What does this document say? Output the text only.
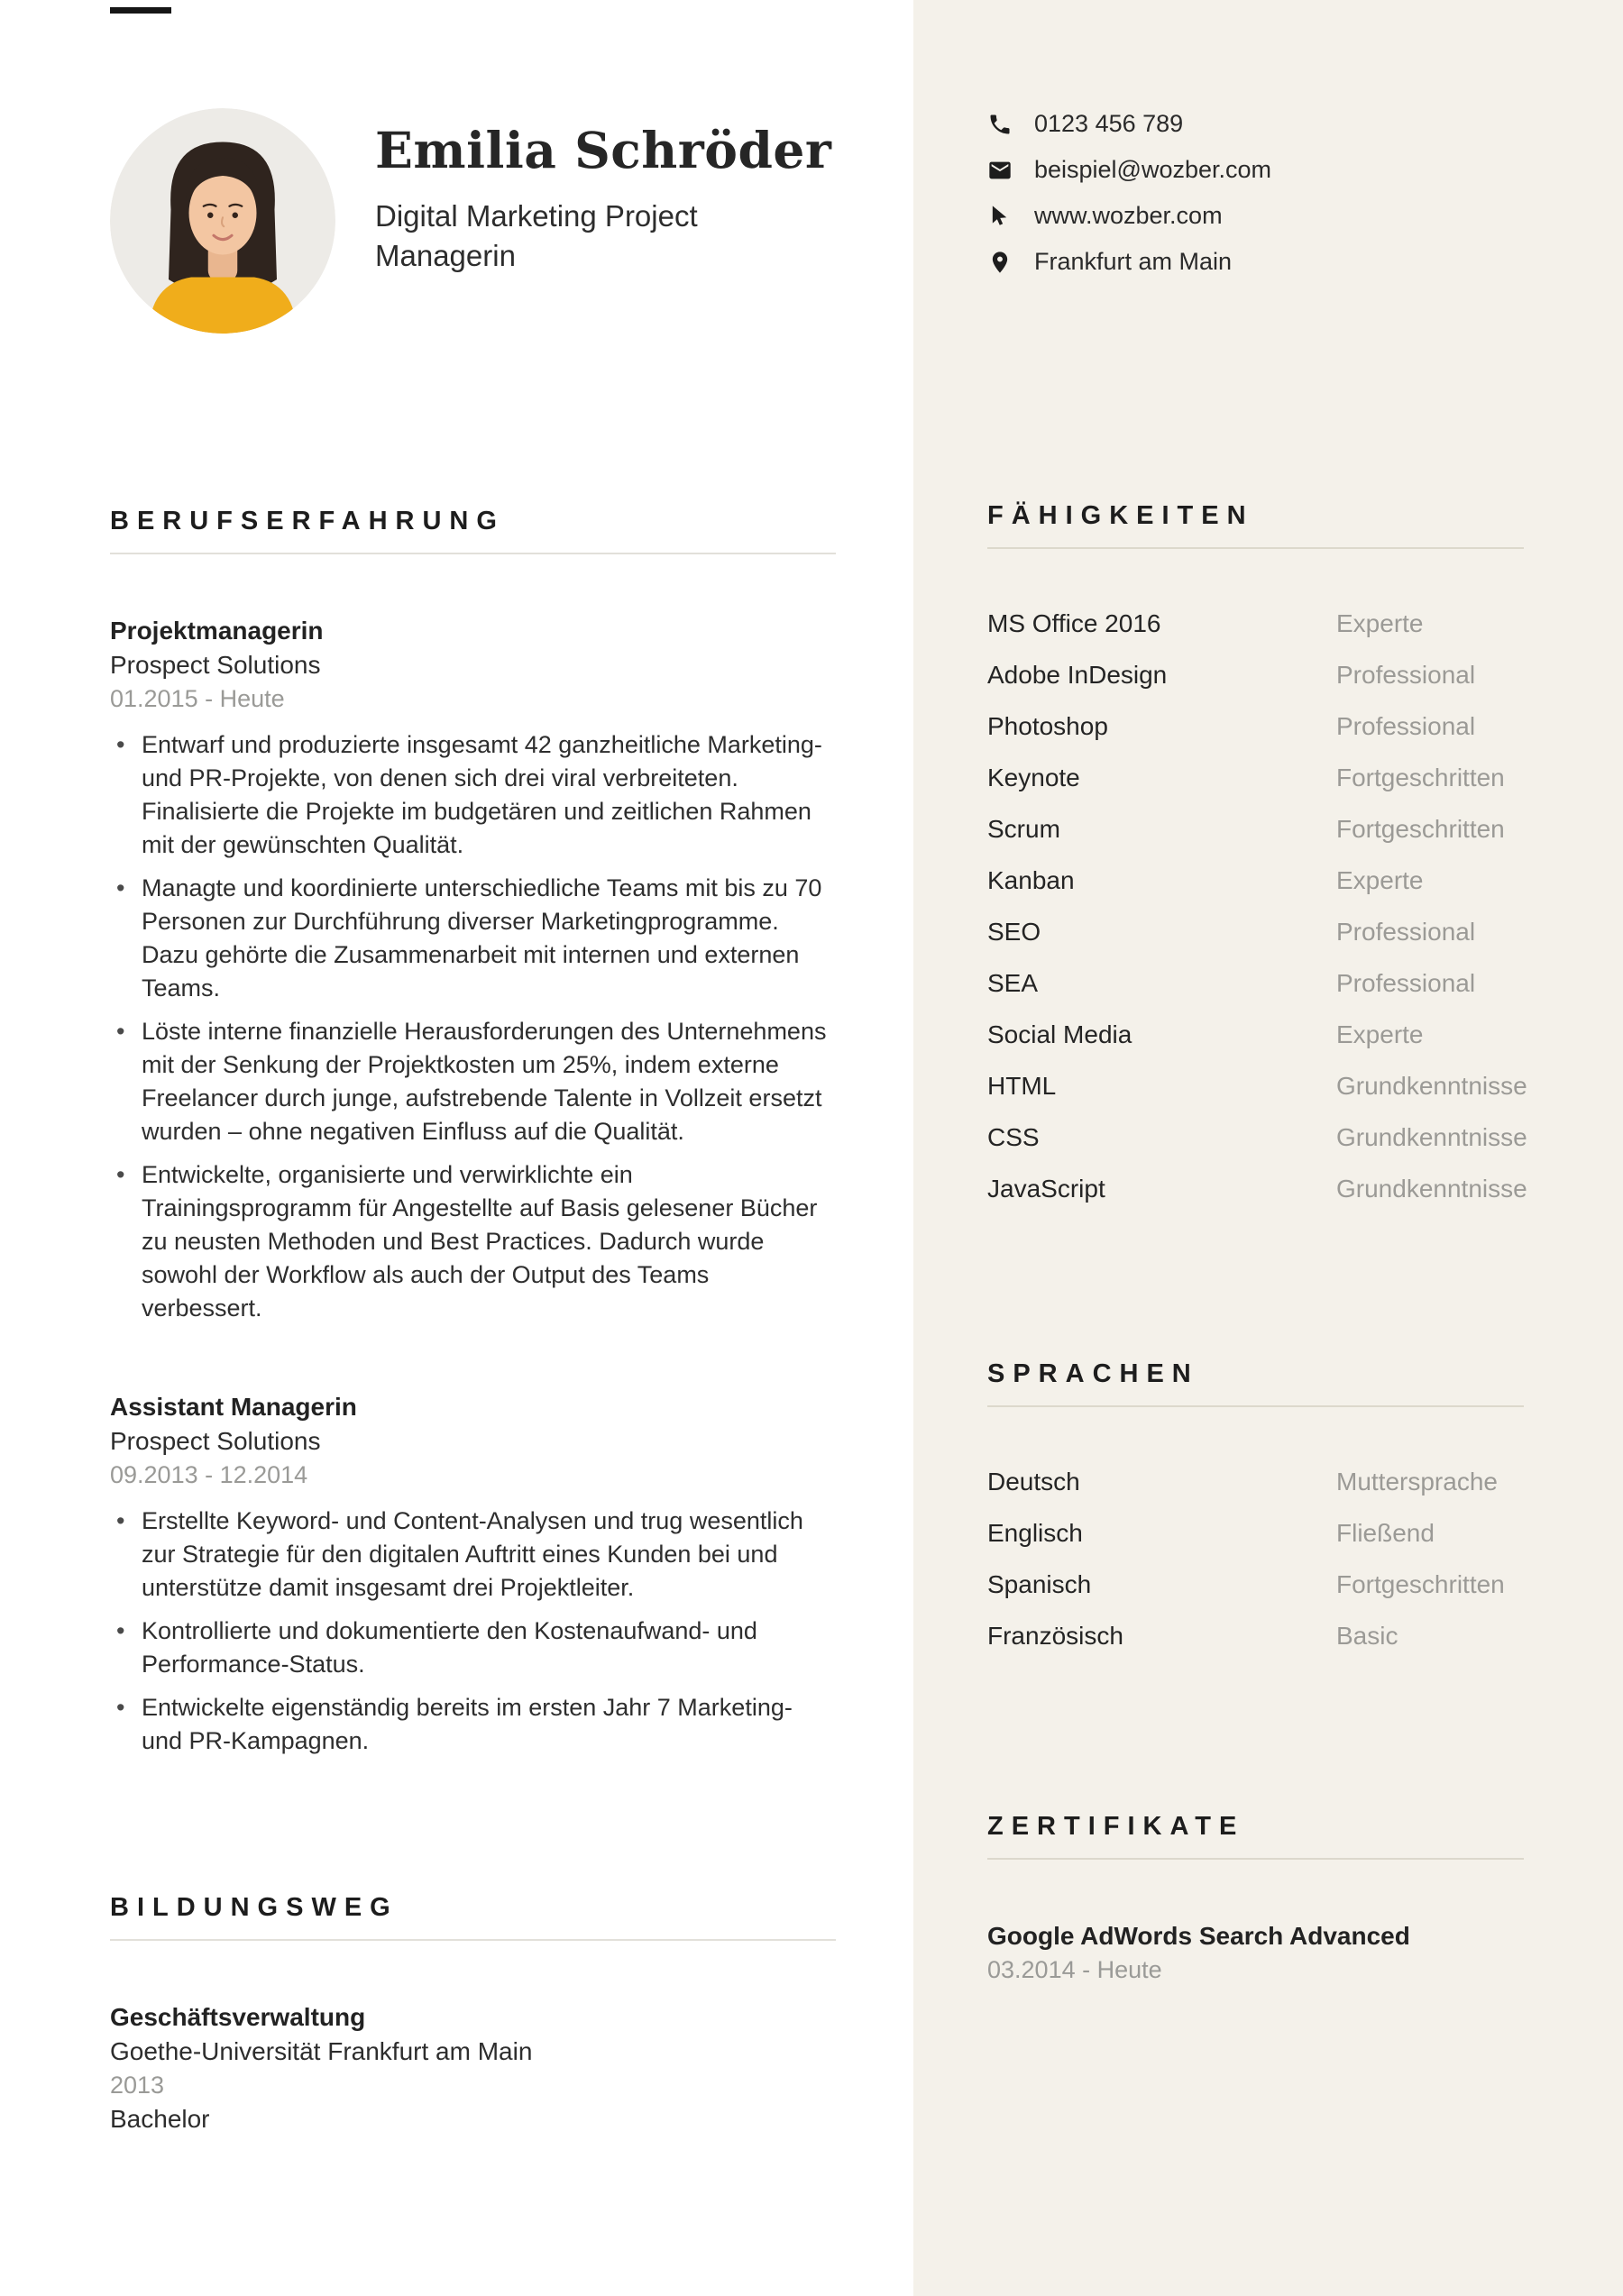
Emilia Schröder
Digital Marketing Project Managerin
BERUFSERFAHRUNG
Projektmanagerin
Prospect Solutions
01.2015 - Heute
• Entwarf und produzierte insgesamt 42 ganzheitliche Marketing- und PR-Projekte, von denen sich drei viral verbreiteten. Finalisierte die Projekte im budgetären und zeitlichen Rahmen mit der gewünschten Qualität.
• Managte und koordinierte unterschiedliche Teams mit bis zu 70 Personen zur Durchführung diverser Marketingprogramme. Dazu gehörte die Zusammenarbeit mit internen und externen Teams.
• Löste interne finanzielle Herausforderungen des Unternehmens mit der Senkung der Projektkosten um 25%, indem externe Freelancer durch junge, aufstrebende Talente in Vollzeit ersetzt wurden – ohne negativen Einfluss auf die Qualität.
• Entwickelte, organisierte und verwirklichte ein Trainingsprogramm für Angestellte auf Basis gelesener Bücher zu neusten Methoden und Best Practices. Dadurch wurde sowohl der Workflow als auch der Output des Teams verbessert.
Assistant Managerin
Prospect Solutions
09.2013 - 12.2014
• Erstellte Keyword- und Content-Analysen und trug wesentlich zur Strategie für den digitalen Auftritt eines Kunden bei und unterstütze damit insgesamt drei Projektleiter.
• Kontrollierte und dokumentierte den Kostenaufwand- und Performance-Status.
• Entwickelte eigenständig bereits im ersten Jahr 7 Marketing- und PR-Kampagnen.
BILDUNGSWEG
Geschäftsverwaltung
Goethe-Universität Frankfurt am Main
2013
Bachelor
0123 456 789
beispiel@wozber.com
www.wozber.com
Frankfurt am Main
FÄHIGKEITEN
MS Office 2016	Experte
Adobe InDesign	Professional
Photoshop	Professional
Keynote	Fortgeschritten
Scrum	Fortgeschritten
Kanban	Experte
SEO	Professional
SEA	Professional
Social Media	Experte
HTML	Grundkenntnisse
CSS	Grundkenntnisse
JavaScript	Grundkenntnisse
SPRACHEN
Deutsch	Muttersprache
Englisch	Fließend
Spanisch	Fortgeschritten
Französisch	Basic
ZERTIFIKATE
Google AdWords Search Advanced
03.2014 - Heute
